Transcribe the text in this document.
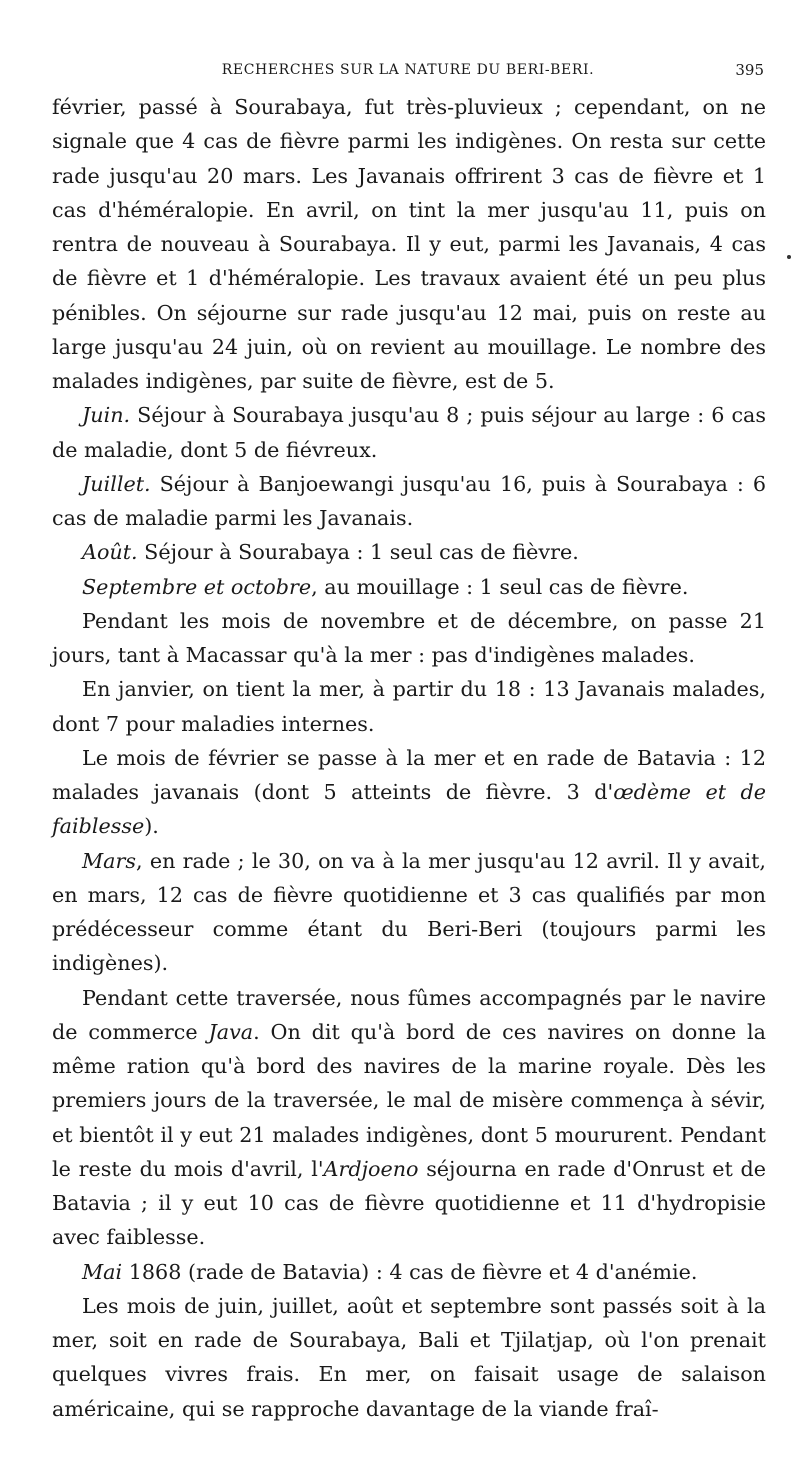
RECHERCHES SUR LA NATURE DU BERI-BERI.	395

février, passé à Sourabaya, fut très-pluvieux ; cependant, on ne signale que 4 cas de fièvre parmi les indigènes. On resta sur cette rade jusqu'au 20 mars. Les Javanais offrirent 3 cas de fièvre et 1 cas d'héméralopie. En avril, on tint la mer jusqu'au 11, puis on rentra de nouveau à Sourabaya. Il y eut, parmi les Javanais, 4 cas de fièvre et 1 d'héméralopie. Les travaux avaient été un peu plus pénibles. On séjourne sur rade jusqu'au 12 mai, puis on reste au large jusqu'au 24 juin, où on revient au mouillage. Le nombre des malades indigènes, par suite de fièvre, est de 5.

Juin. Séjour à Sourabaya jusqu'au 8 ; puis séjour au large : 6 cas de maladie, dont 5 de fiévreux.

Juillet. Séjour à Banjoewangi jusqu'au 16, puis à Sourabaya : 6 cas de maladie parmi les Javanais.

Août. Séjour à Sourabaya : 1 seul cas de fièvre.

Septembre et octobre, au mouillage : 1 seul cas de fièvre.

Pendant les mois de novembre et de décembre, on passe 21 jours, tant à Macassar qu'à la mer : pas d'indigènes malades.

En janvier, on tient la mer, à partir du 18 : 13 Javanais malades, dont 7 pour maladies internes.

Le mois de février se passe à la mer et en rade de Batavia : 12 malades javanais (dont 5 atteints de fièvre. 3 d'œdème et de faiblesse).

Mars, en rade ; le 30, on va à la mer jusqu'au 12 avril. Il y avait, en mars, 12 cas de fièvre quotidienne et 3 cas qualifiés par mon prédécesseur comme étant du Beri-Beri (toujours parmi les indigènes).

Pendant cette traversée, nous fûmes accompagnés par le navire de commerce Java. On dit qu'à bord de ces navires on donne la même ration qu'à bord des navires de la marine royale. Dès les premiers jours de la traversée, le mal de misère commença à sévir, et bientôt il y eut 21 malades indigènes, dont 5 moururent. Pendant le reste du mois d'avril, l'Ardjoeno séjourna en rade d'Onrust et de Batavia ; il y eut 10 cas de fièvre quotidienne et 11 d'hydropisie avec faiblesse.

Mai 1868 (rade de Batavia) : 4 cas de fièvre et 4 d'anémie.

Les mois de juin, juillet, août et septembre sont passés soit à la mer, soit en rade de Sourabaya, Bali et Tjilatjap, où l'on prenait quelques vivres frais. En mer, on faisait usage de salaison américaine, qui se rapproche davantage de la viande fraî-
